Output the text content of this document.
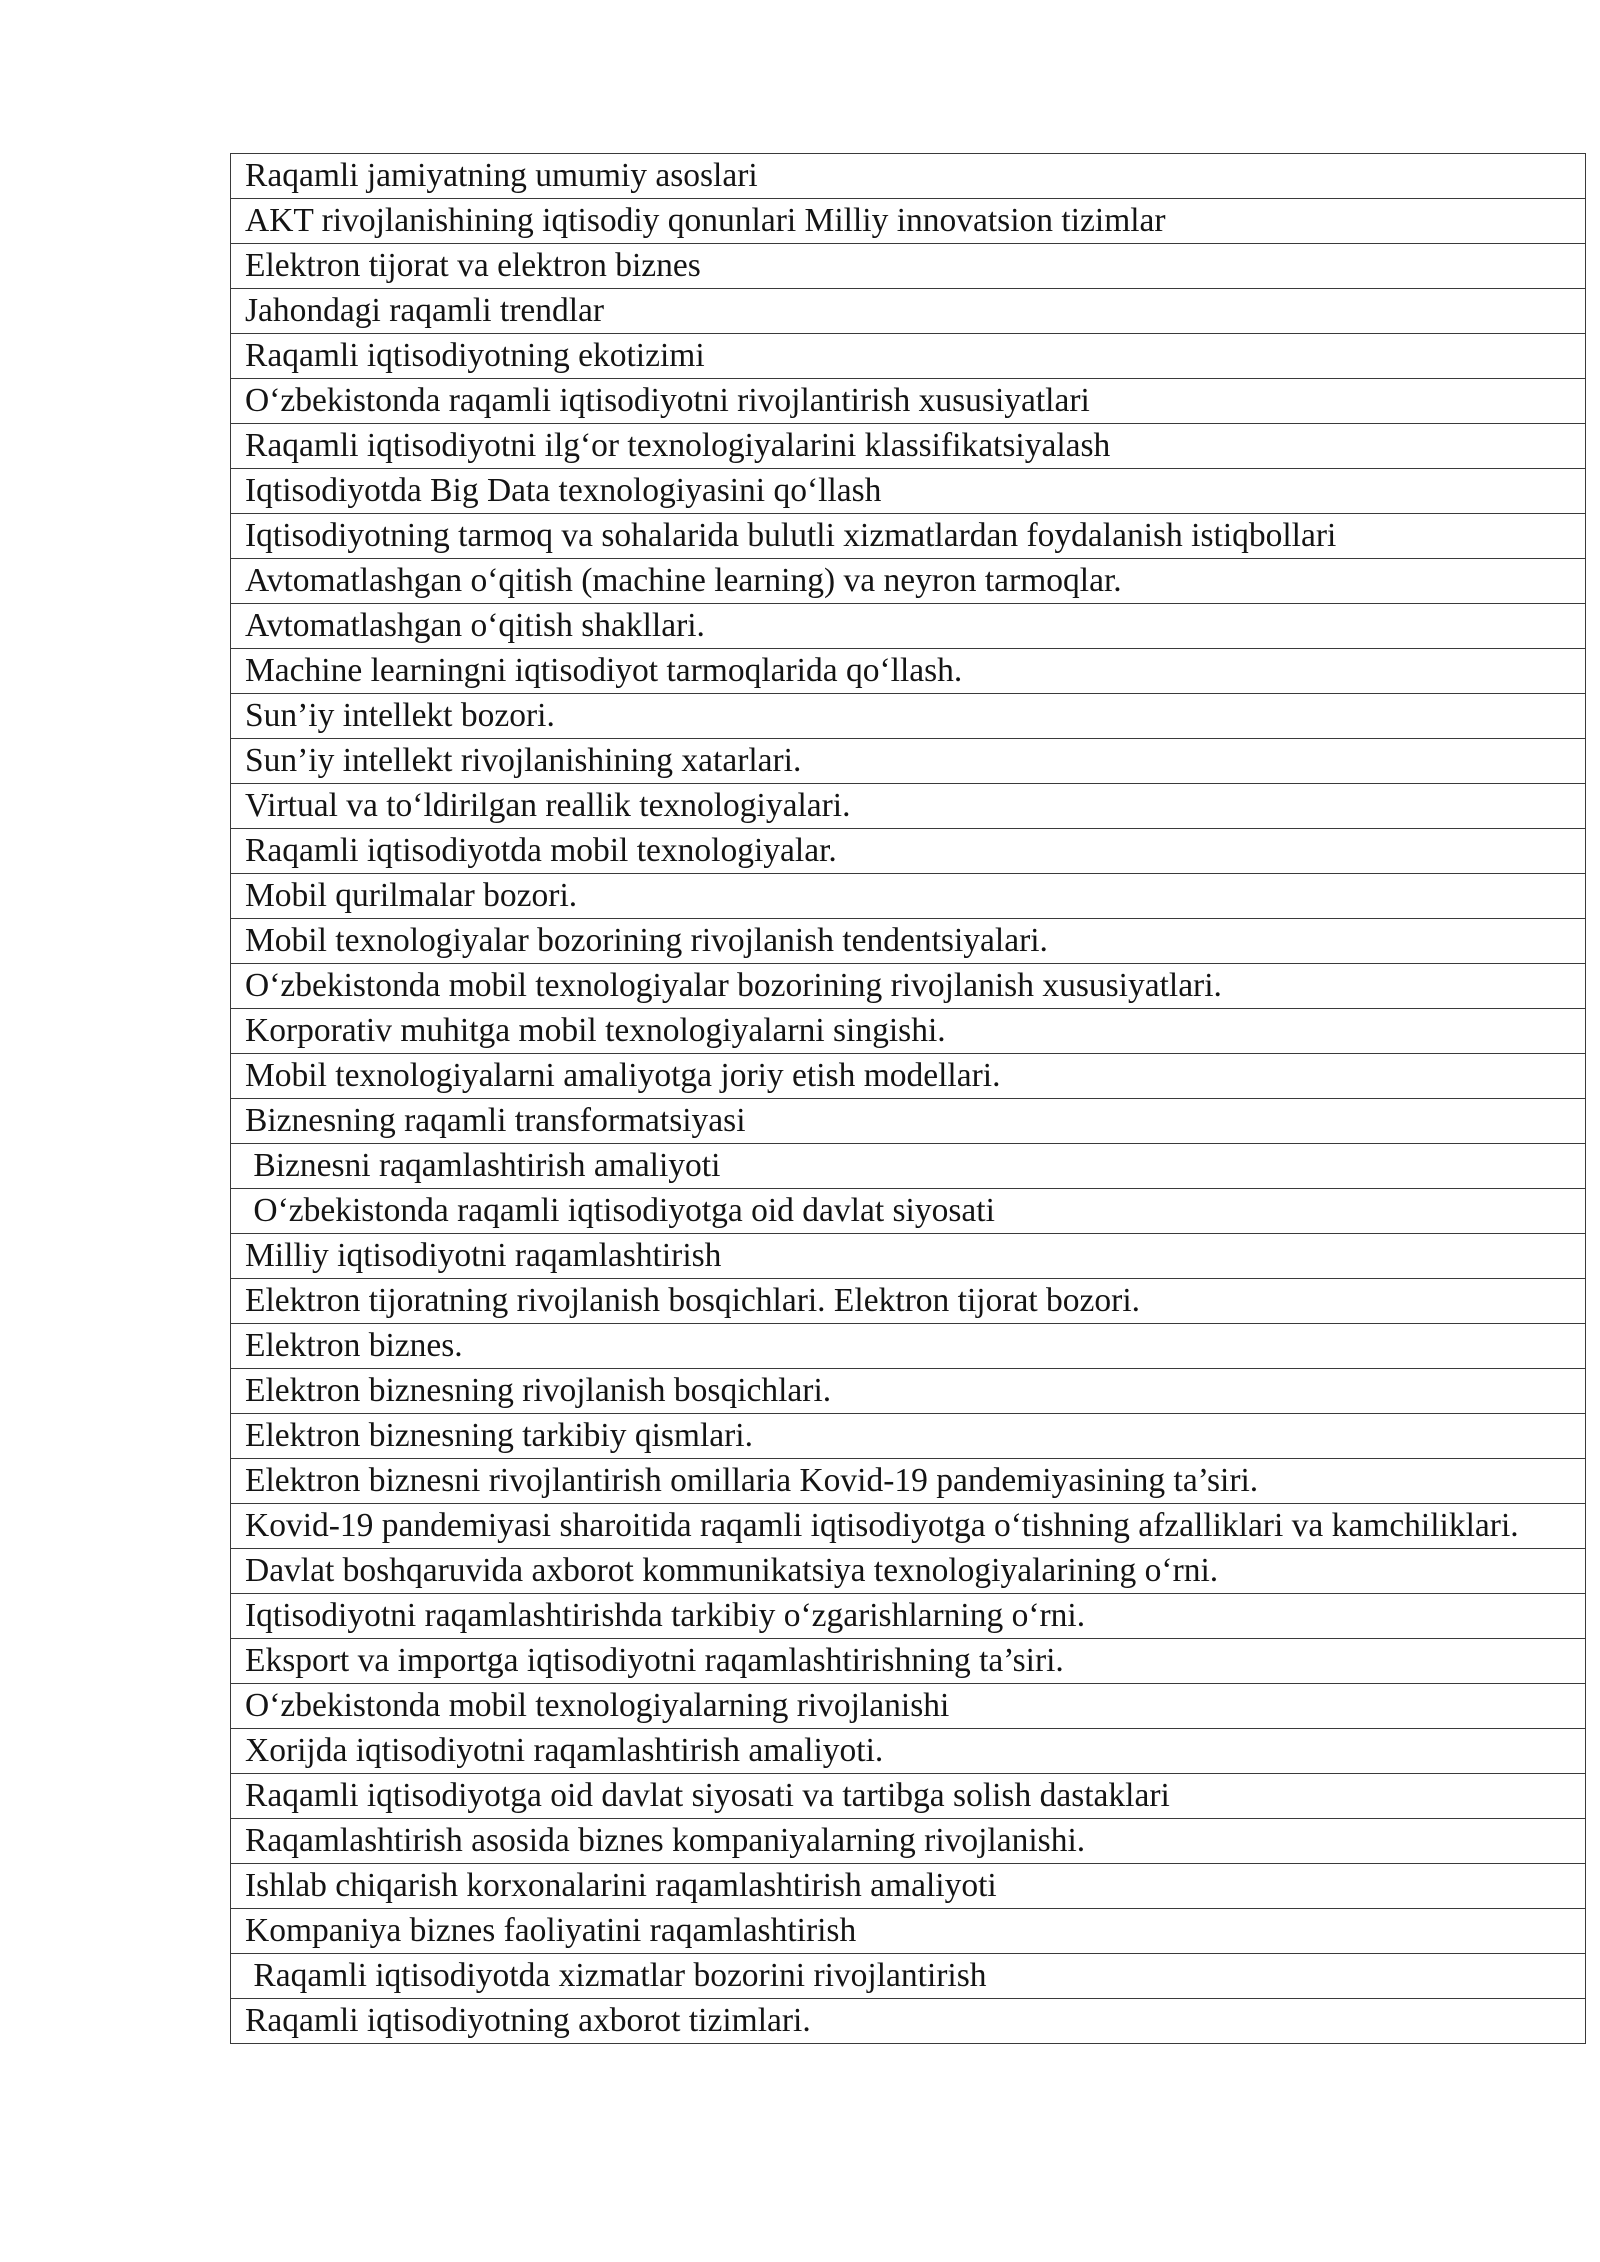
Raqamli jamiyatning umumiy asoslari
AKT rivojlanishining iqtisodiy qonunlari Milliy innovatsion tizimlar
Elektron tijorat va elektron biznes
Jahondagi raqamli trendlar
Raqamli iqtisodiyotning ekotizimi
O‘zbekistonda raqamli iqtisodiyotni rivojlantirish xususiyatlari
Raqamli iqtisodiyotni ilg‘or texnologiyalarini klassifikatsiyalash
Iqtisodiyotda Big Data texnologiyasini qo‘llash
Iqtisodiyotning tarmoq va sohalarida bulutli xizmatlardan foydalanish istiqbollari
Avtomatlashgan o‘qitish (machine learning) va neyron tarmoqlar.
Avtomatlashgan o‘qitish shakllari.
Machine learningni iqtisodiyot tarmoqlarida qo‘llash.
Sun’iy intellekt bozori.
Sun’iy intellekt rivojlanishining xatarlari.
Virtual va to‘ldirilgan reallik texnologiyalari.
Raqamli iqtisodiyotda mobil texnologiyalar.
Mobil qurilmalar bozori.
Mobil texnologiyalar bozorining rivojlanish tendentsiyalari.
O‘zbekistonda mobil texnologiyalar bozorining rivojlanish xususiyatlari.
Korporativ muhitga mobil texnologiyalarni singishi.
Mobil texnologiyalarni amaliyotga joriy etish modellari.
Biznesning raqamli transformatsiyasi
Biznesni raqamlashtirish amaliyoti
O‘zbekistonda raqamli iqtisodiyotga oid davlat siyosati
Milliy iqtisodiyotni raqamlashtirish
Elektron tijoratning rivojlanish bosqichlari. Elektron tijorat bozori.
Elektron biznes.
Elektron biznesning rivojlanish bosqichlari.
Elektron biznesning tarkibiy qismlari.
Elektron biznesni rivojlantirish omillaria Kovid-19 pandemiyasining ta’siri.
Kovid-19 pandemiyasi sharoitida raqamli iqtisodiyotga o‘tishning afzalliklari va kamchiliklari.
Davlat boshqaruvida axborot kommunikatsiya texnologiyalarining o‘rni.
Iqtisodiyotni raqamlashtirishda tarkibiy o‘zgarishlarning o‘rni.
Eksport va importga iqtisodiyotni raqamlashtirishning ta’siri.
O‘zbekistonda mobil texnologiyalarning rivojlanishi
Xorijda iqtisodiyotni raqamlashtirish amaliyoti.
Raqamli iqtisodiyotga oid davlat siyosati va tartibga solish dastaklari
Raqamlashtirish asosida biznes kompaniyalarning rivojlanishi.
Ishlab chiqarish korxonalarini raqamlashtirish amaliyoti
Kompaniya biznes faoliyatini raqamlashtirish
Raqamli iqtisodiyotda xizmatlar bozorini rivojlantirish
Raqamli iqtisodiyotning axborot tizimlari.
